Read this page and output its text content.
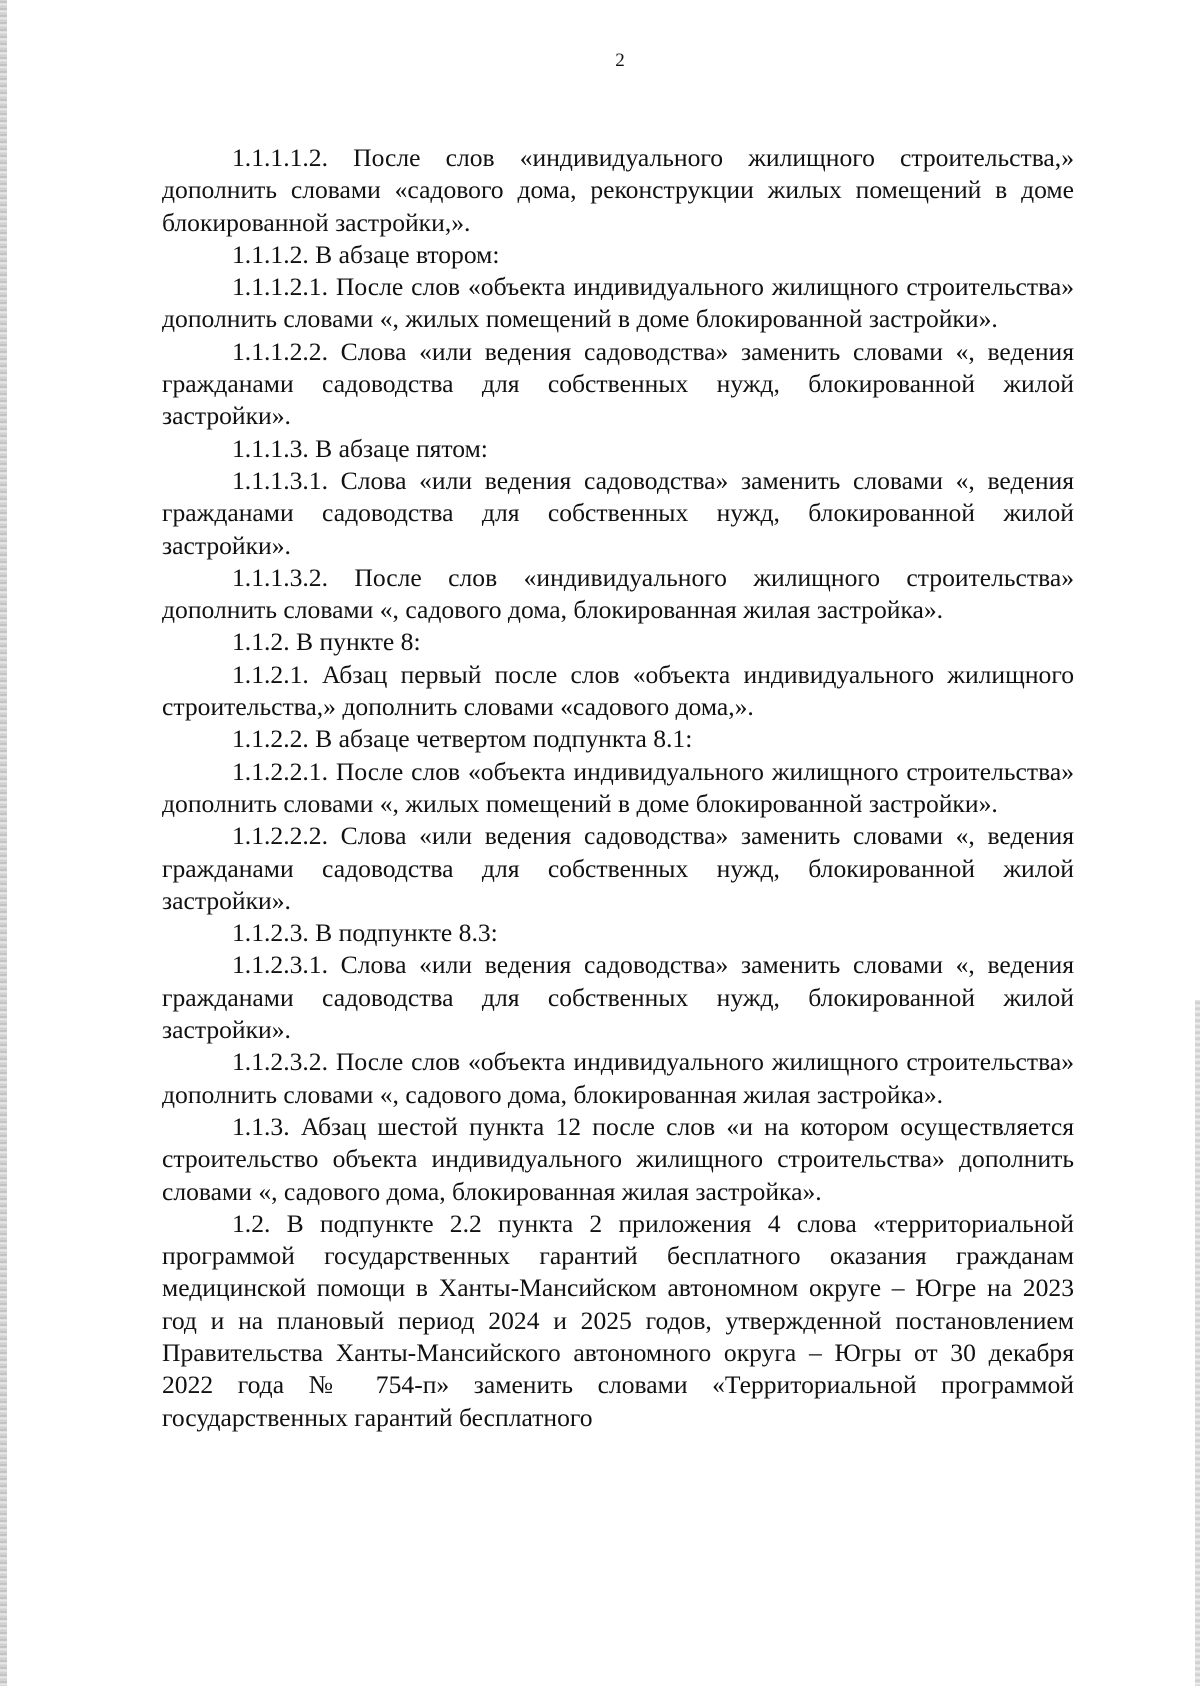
2

1.1.1.1.2. После слов «индивидуального жилищного строительства,» дополнить словами «садового дома, реконструкции жилых помещений в доме блокированной застройки,».

1.1.1.2. В абзаце втором:

1.1.1.2.1. После слов «объекта индивидуального жилищного строительства» дополнить словами «, жилых помещений в доме блокированной застройки».

1.1.1.2.2. Слова «или ведения садоводства» заменить словами «, ведения гражданами садоводства для собственных нужд, блокированной жилой застройки».

1.1.1.3. В абзаце пятом:

1.1.1.3.1. Слова «или ведения садоводства» заменить словами «, ведения гражданами садоводства для собственных нужд, блокированной жилой застройки».

1.1.1.3.2. После слов «индивидуального жилищного строительства» дополнить словами «, садового дома, блокированная жилая застройка».

1.1.2. В пункте 8:

1.1.2.1. Абзац первый после слов «объекта индивидуального жилищного строительства,» дополнить словами «садового дома,».

1.1.2.2. В абзаце четвертом подпункта 8.1:

1.1.2.2.1. После слов «объекта индивидуального жилищного строительства» дополнить словами «, жилых помещений в доме блокированной застройки».

1.1.2.2.2. Слова «или ведения садоводства» заменить словами «, ведения гражданами садоводства для собственных нужд, блокированной жилой застройки».

1.1.2.3. В подпункте 8.3:

1.1.2.3.1. Слова «или ведения садоводства» заменить словами «, ведения гражданами садоводства для собственных нужд, блокированной жилой застройки».

1.1.2.3.2. После слов «объекта индивидуального жилищного строительства» дополнить словами «, садового дома, блокированная жилая застройка».

1.1.3. Абзац шестой пункта 12 после слов «и на котором осуществляется строительство объекта индивидуального жилищного строительства» дополнить словами «, садового дома, блокированная жилая застройка».

1.2. В подпункте 2.2 пункта 2 приложения 4 слова «территориальной программой государственных гарантий бесплатного оказания гражданам медицинской помощи в Ханты-Мансийском автономном округе – Югре на 2023 год и на плановый период 2024 и 2025 годов, утвержденной постановлением Правительства Ханты-Мансийского автономного округа – Югры от 30 декабря 2022 года № 754-п» заменить словами «Территориальной программой государственных гарантий бесплатного
